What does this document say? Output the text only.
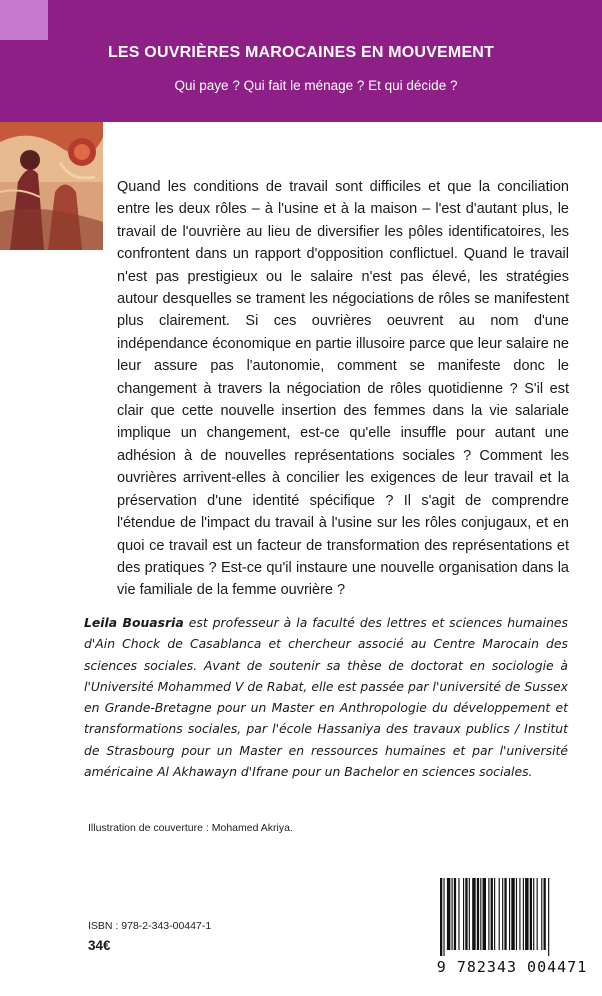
LES OUVRIÈRES MAROCAINES EN MOUVEMENT
Qui paye ? Qui fait le ménage ? Et qui décide ?

Quand les conditions de travail sont difficiles et que la conciliation entre les deux rôles – à l'usine et à la maison – l'est d'autant plus, le travail de l'ouvrière au lieu de diversifier les pôles identificatoires, les confrontent dans un rapport d'opposition conflictuel. Quand le travail n'est pas prestigieux ou le salaire n'est pas élevé, les stratégies autour desquelles se trament les négociations de rôles se manifestent plus clairement. Si ces ouvrières oeuvrent au nom d'une indépendance économique en partie illusoire parce que leur salaire ne leur assure pas l'autonomie, comment se manifeste donc le changement à travers la négociation de rôles quotidienne ? S'il est clair que cette nouvelle insertion des femmes dans la vie salariale implique un changement, est-ce qu'elle insuffle pour autant une adhésion à de nouvelles représentations sociales ? Comment les ouvrières arrivent-elles à concilier les exigences de leur travail et la préservation d'une identité spécifique ? Il s'agit de comprendre l'étendue de l'impact du travail à l'usine sur les rôles conjugaux, et en quoi ce travail est un facteur de transformation des représentations et des pratiques ? Est-ce qu'il instaure une nouvelle organisation dans la vie familiale de la femme ouvrière ?

Leila Bouasria est professeur à la faculté des lettres et sciences humaines d'Ain Chock de Casablanca et chercheur associé au Centre Marocain des sciences sociales. Avant de soutenir sa thèse de doctorat en sociologie à l'Université Mohammed V de Rabat, elle est passée par l'université de Sussex en Grande-Bretagne pour un Master en Anthropologie du développement et transformations sociales, par l'école Hassaniya des travaux publics / Institut de Strasbourg pour un Master en ressources humaines et par l'université américaine Al Akhawayn d'Ifrane pour un Bachelor en sciences sociales.

Illustration de couverture : Mohamed Akriya.
ISBN : 978-2-343-00447-1
34€
9 782343 004471
